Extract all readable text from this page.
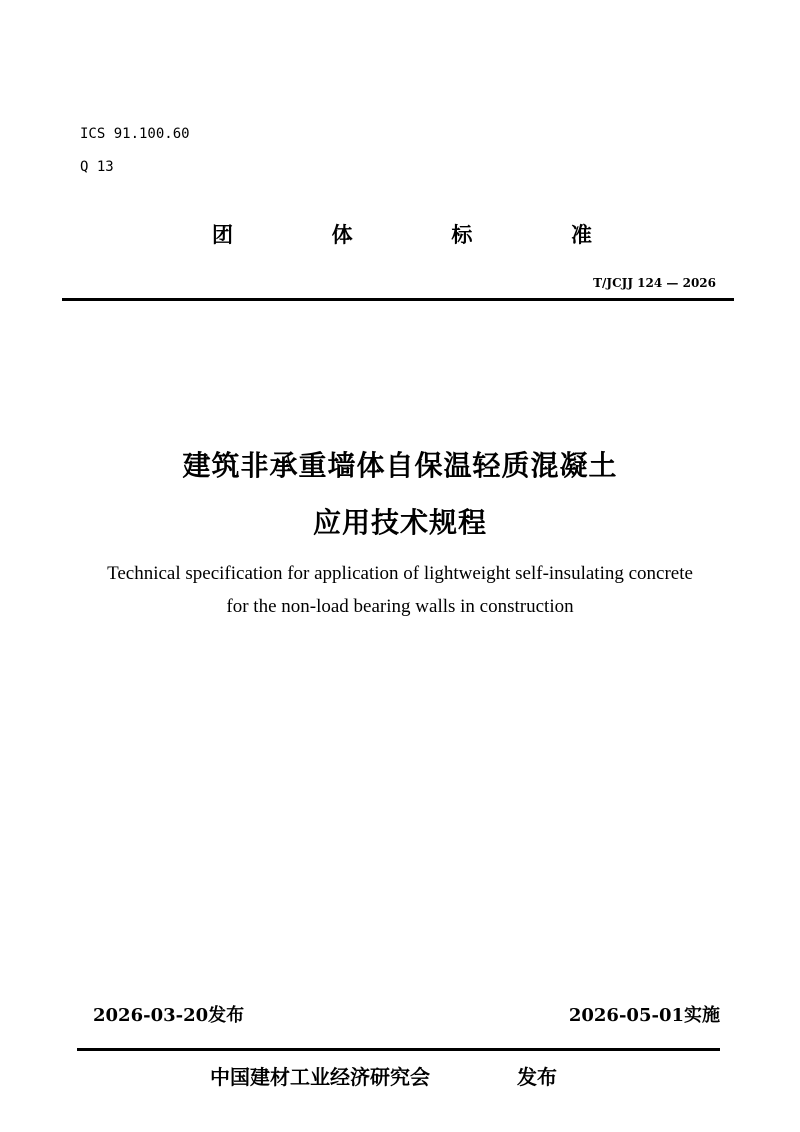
ICS 91.100.60
Q 13
团	体	标	准
T/JCJJ 124 — 2026
建筑非承重墙体自保温轻质混凝土
应用技术规程
Technical specification for application of lightweight self-insulating concrete
for the non-load bearing walls in construction
2026-03-20发布	2026-05-01实施
中国建材工业经济研究会	发布
